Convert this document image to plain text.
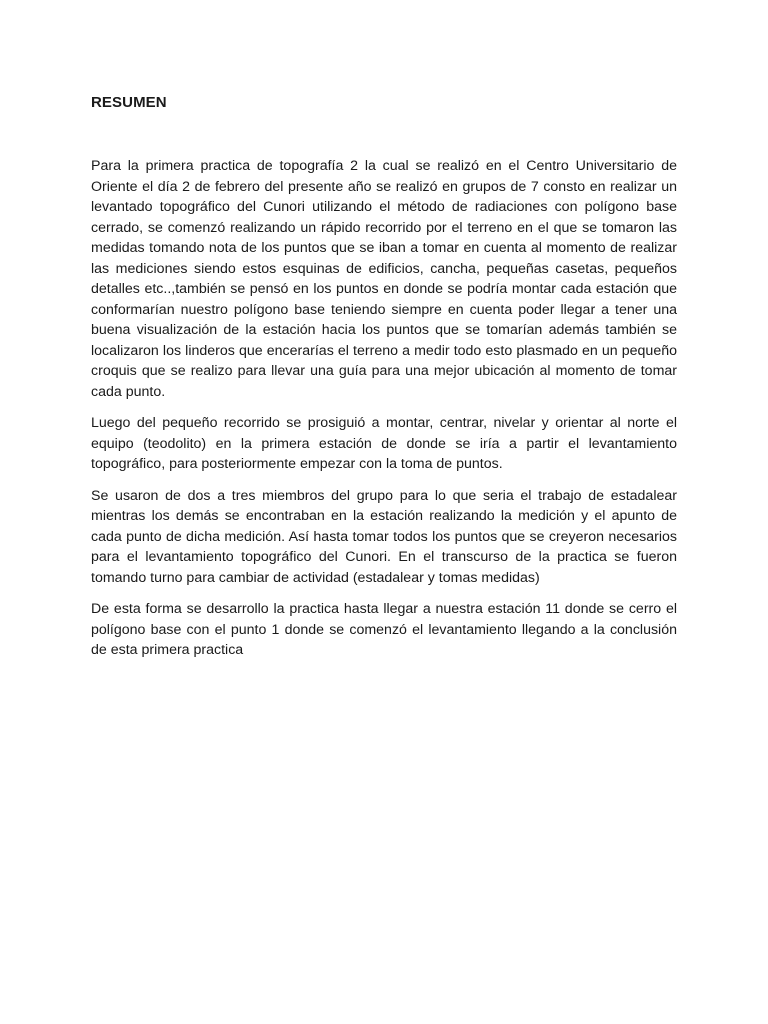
RESUMEN

Para la primera practica de topografía 2 la cual se realizó en el Centro Universitario de Oriente el día 2 de febrero del presente año se realizó en grupos de 7 consto en realizar un levantado topográfico del Cunori utilizando el método de radiaciones con polígono base cerrado, se comenzó realizando un rápido recorrido por el terreno en el que se tomaron las medidas tomando nota de los puntos que se iban a tomar en cuenta al momento de realizar las mediciones siendo estos esquinas de edificios, cancha, pequeñas casetas, pequeños detalles etc..,también se pensó en los puntos en donde se podría montar cada estación que conformarían nuestro polígono base teniendo siempre en cuenta poder llegar a tener una buena visualización de la estación hacia los puntos que se tomarían además también se localizaron los linderos que encerarías el terreno a medir todo esto plasmado en un pequeño croquis que se realizo para llevar una guía para una mejor ubicación al momento de tomar cada punto.

Luego del pequeño recorrido se prosiguió a montar, centrar, nivelar y orientar al norte el equipo (teodolito) en la primera estación de donde se iría a partir el levantamiento topográfico, para posteriormente empezar con la toma de puntos.

Se usaron de dos a tres miembros del grupo para lo que seria el trabajo de estadalear mientras los demás se encontraban en la estación realizando la medición y el apunto de cada punto de dicha medición. Así hasta tomar todos los puntos que se creyeron necesarios para el levantamiento topográfico del Cunori. En el transcurso de la practica se fueron tomando turno para cambiar de actividad (estadalear y tomas medidas)

De esta forma se desarrollo la practica hasta llegar a nuestra estación 11 donde se cerro el polígono base con el punto 1 donde se comenzó el levantamiento llegando a la conclusión de esta primera practica
